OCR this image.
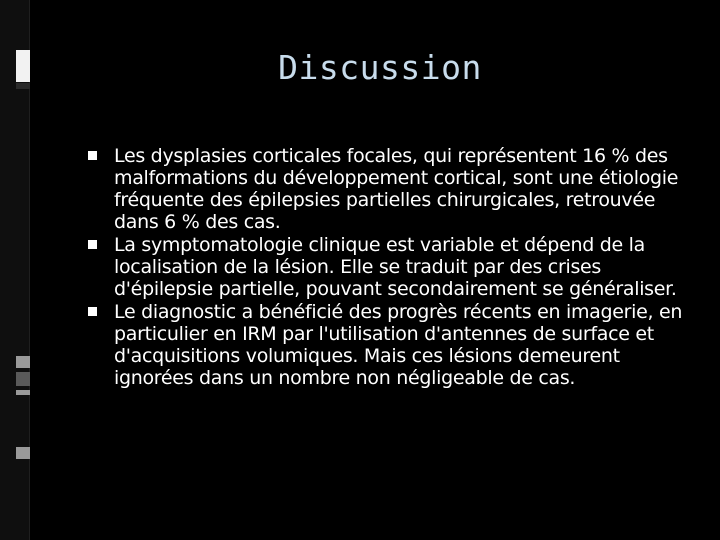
Discussion
Les dysplasies corticales focales, qui représentent 16 % des malformations du développement cortical, sont une étiologie fréquente des épilepsies partielles chirurgicales, retrouvée dans 6 % des cas.
La symptomatologie clinique est variable et dépend de la localisation de la lésion. Elle se traduit par des crises d'épilepsie partielle, pouvant secondairement se généraliser.
Le diagnostic a bénéficié des progrès récents en imagerie, en particulier en IRM par l'utilisation d'antennes de surface et d'acquisitions volumiques. Mais ces lésions demeurent ignorées dans un nombre non négligeable de cas.
